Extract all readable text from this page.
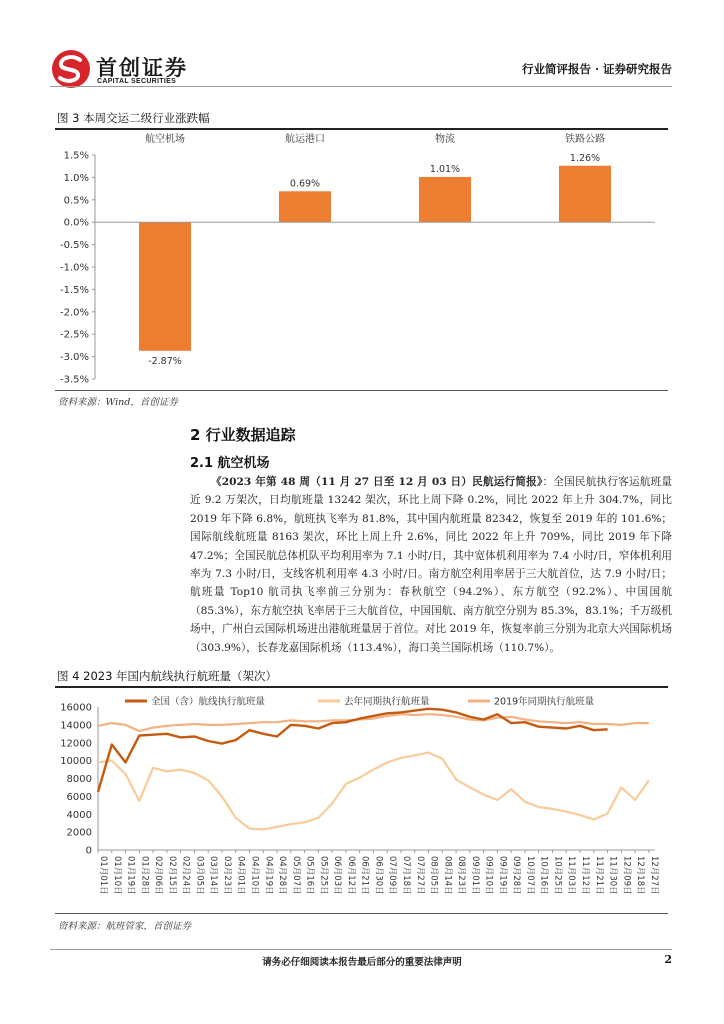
首创证券
CAPITAL SECURITIES
行业简评报告 · 证券研究报告
图 3 本周交运二级行业涨跌幅
1.5%
1.0%
0.5%
0.0%
-0.5%
-1.0%
-1.5%
-2.0%
-2.5%
-3.0%
-3.5%
航空机场
-2.87%
航运港口
0.69%
物流
1.01%
铁路公路
1.26%
资料来源：Wind，首创证券
2 行业数据追踪
2.1 航空机场
《2023 年第 48 周（11 月 27 日至 12 月 03 日）民航运行简报》：全国民航执行客运航班量近 9.2 万架次，日均航班量 13242 架次，环比上周下降 0.2%，同比 2022 年上升 304.7%，同比 2019 年下降 6.8%，航班执飞率为 81.8%，其中国内航班量 82342，恢复至 2019 年的 101.6%；国际航线航班量 8163 架次，环比上周上升 2.6%，同比 2022 年上升 709%，同比 2019 年下降 47.2%；全国民航总体机队平均利用率为 7.1 小时/日，其中宽体机利用率为 7.4 小时/日，窄体机利用率为 7.3 小时/日，支线客机利用率 4.3 小时/日。南方航空利用率居于三大航首位，达 7.9 小时/日；航班量 Top10 航司执飞率前三分别为：春秋航空（94.2%）、东方航空（92.2%）、中国国航（85.3%），东方航空执飞率居于三大航首位，中国国航、南方航空分别为 85.3%，83.1%；千万级机场中，广州白云国际机场进出港航班量居于首位。对比 2019 年，恢复率前三分别为北京大兴国际机场（303.9%），长春龙嘉国际机场（113.4%），海口美兰国际机场（110.7%）。
图 4 2023 年国内航线执行航班量（架次）
16000
14000
12000
10000
8000
6000
4000
2000
0
01月01日 01月10日 01月19日 01月28日 02月06日 02月15日 02月24日 03月05日 03月14日 03月23日 04月01日 04月10日 04月19日 04月28日 05月07日 05月16日 05月25日 06月03日 06月12日 06月21日 06月30日 07月09日 07月18日 07月27日 08月05日 08月14日 08月23日 09月01日 09月10日 09月19日 09月28日 10月07日 10月16日 10月25日 11月03日 11月12日 11月21日 11月30日 12月09日 12月18日 12月27日
全国（含）航线执行航班量	去年同期执行航班量	2019年同期执行航班量
资料来源：航班管家，首创证券
请务必仔细阅读本报告最后部分的重要法律声明	2
